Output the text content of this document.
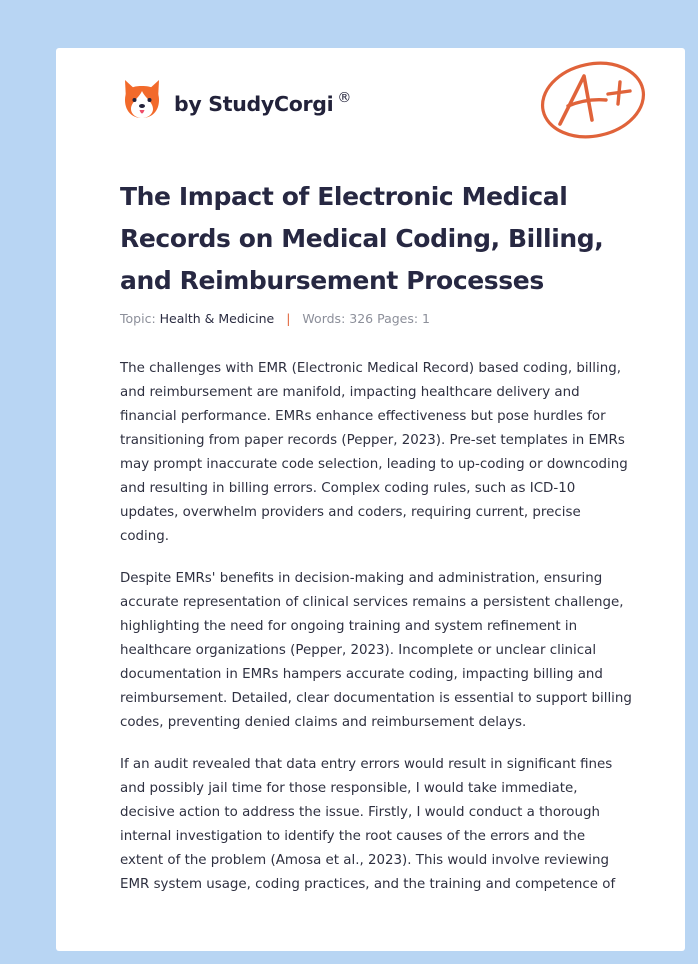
by StudyCorgi ®
The Impact of Electronic Medical Records on Medical Coding, Billing, and Reimbursement Processes
Topic: Health & Medicine | Words: 326 Pages: 1

The challenges with EMR (Electronic Medical Record) based coding, billing, and reimbursement are manifold, impacting healthcare delivery and financial performance. EMRs enhance effectiveness but pose hurdles for transitioning from paper records (Pepper, 2023). Pre-set templates in EMRs may prompt inaccurate code selection, leading to up-coding or downcoding and resulting in billing errors. Complex coding rules, such as ICD-10 updates, overwhelm providers and coders, requiring current, precise coding.

Despite EMRs' benefits in decision-making and administration, ensuring accurate representation of clinical services remains a persistent challenge, highlighting the need for ongoing training and system refinement in healthcare organizations (Pepper, 2023). Incomplete or unclear clinical documentation in EMRs hampers accurate coding, impacting billing and reimbursement. Detailed, clear documentation is essential to support billing codes, preventing denied claims and reimbursement delays.

If an audit revealed that data entry errors would result in significant fines and possibly jail time for those responsible, I would take immediate, decisive action to address the issue. Firstly, I would conduct a thorough internal investigation to identify the root causes of the errors and the extent of the problem (Amosa et al., 2023). This would involve reviewing EMR system usage, coding practices, and the training and competence of
